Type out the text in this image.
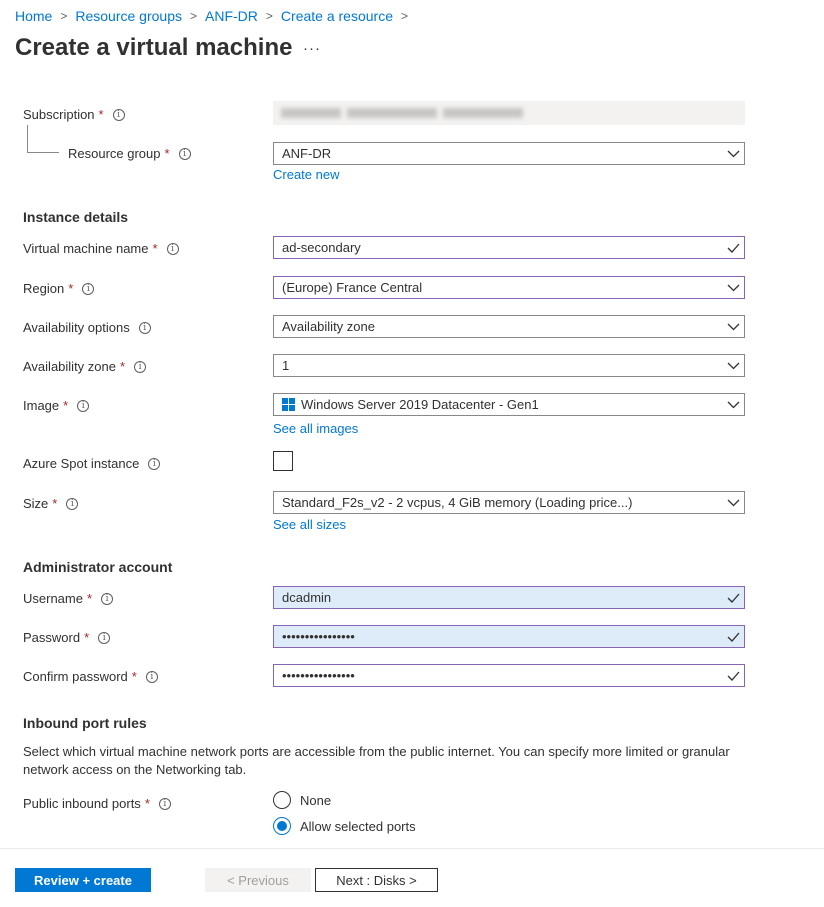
Home > Resource groups > ANF-DR > Create a resource >
Create a virtual machine ···
Subscription *	i
Resource group *	i	ANF-DR
Create new
Instance details
Virtual machine name *	i	ad-secondary
Region *	i	(Europe) France Central
Availability options	i	Availability zone
Availability zone *	i	1
Image *	i	Windows Server 2019 Datacenter - Gen1
See all images
Azure Spot instance	i
Size *	i	Standard_F2s_v2 - 2 vcpus, 4 GiB memory (Loading price...)
See all sizes
Administrator account
Username *	i	dcadmin
Password *	i	••••••••••••••••
Confirm password *	i	••••••••••••••••
Inbound port rules
Select which virtual machine network ports are accessible from the public internet. You can specify more limited or granular network access on the Networking tab.
Public inbound ports *	i	None
Allow selected ports
Review + create	< Previous	Next : Disks >
